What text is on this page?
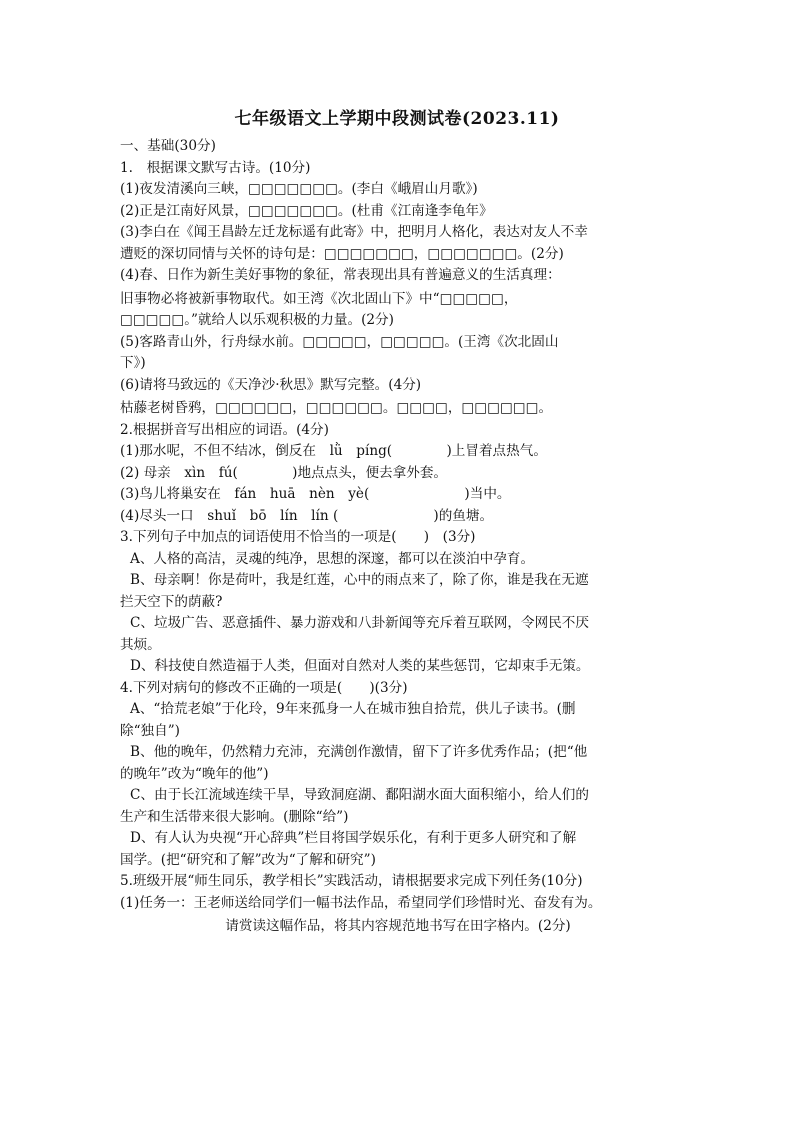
七年级语文上学期中段测试卷(2023.11)
一、基础(30分)
1.　根据课文默写古诗。(10分)
(1)夜发清溪向三峡，□□□□□□□。(李白《峨眉山月歌》)
(2)正是江南好风景，□□□□□□□。(杜甫《江南逢李龟年》
(3)李白在《闻王昌龄左迁龙标遥有此寄》中，把明月人格化，表达对友人不幸
遭贬的深切同情与关怀的诗句是：□□□□□□□，□□□□□□□。(2分)
(4)春、日作为新生美好事物的象征，常表现出具有普遍意义的生活真理：
旧事物必将被新事物取代。如王湾《次北固山下》中“□□□□□，
□□□□□。”就给人以乐观积极的力量。(2分)
(5)客路青山外，行舟绿水前。□□□□□，□□□□□。(王湾《次北固山
下》)
(6)请将马致远的《天净沙·秋思》默写完整。(4分)
枯藤老树昏鸦，□□□□□□，□□□□□□。□□□□，□□□□□□。
2.根据拼音写出相应的词语。(4分)
(1)那水呢，不但不结冰，倒反在　lǜ　píng(　　　　)上冒着点热气。
(2) 母亲　xìn　fú(　　　　)地点点头，便去拿外套。
(3)鸟儿将巢安在　fán　huā　nèn　yè(　　　　　　　)当中。
(4)尽头一口　shuǐ　bō　lín　lín (　　　　　　　)的鱼塘。
3.下列句子中加点的词语使用不恰当的一项是(　　)　(3分)
A、人格的高洁，灵魂的纯净，思想的深邃，都可以在淡泊中孕育。
B、母亲啊！你是荷叶，我是红莲，心中的雨点来了，除了你，谁是我在无遮
拦天空下的荫蔽?
C、垃圾广告、恶意插件、暴力游戏和八卦新闻等充斥着互联网，令网民不厌
其烦。
D、科技使自然造福于人类，但面对自然对人类的某些惩罚，它却束手无策。
4.下列对病句的修改不正确的一项是(　　)(3分)
A、“拾荒老娘”于化玲，9年来孤身一人在城市独自拾荒，供儿子读书。(删
除“独自”)
B、他的晚年，仍然精力充沛，充满创作激情，留下了许多优秀作品；(把“他
的晚年”改为“晚年的他”)
C、由于长江流域连续干旱，导致洞庭湖、鄱阳湖水面大面积缩小，给人们的
生产和生活带来很大影响。(删除“给”)
D、有人认为央视“开心辞典”栏目将国学娱乐化，有利于更多人研究和了解
国学。(把“研究和了解”改为“了解和研究”)
5.班级开展“师生同乐，教学相长”实践活动，请根据要求完成下列任务(10分)
(1)任务一：王老师送给同学们一幅书法作品，希望同学们珍惜时光、奋发有为。
请赏读这幅作品，将其内容规范地书写在田字格内。(2分)
